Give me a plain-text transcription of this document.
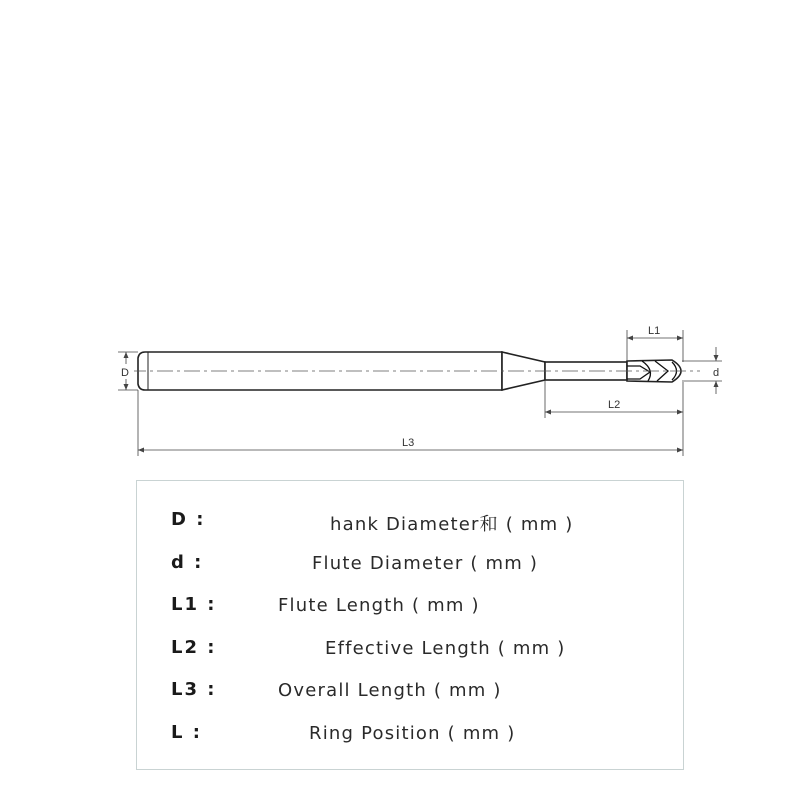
D	d
L1
L2
L3
D :	hank Diameter和 ( mm )
d :	Flute Diameter ( mm )
L1 :	Flute Length ( mm )
L2 :	Effective Length ( mm )
L3 :	Overall Length ( mm )
L :	Ring Position ( mm )
